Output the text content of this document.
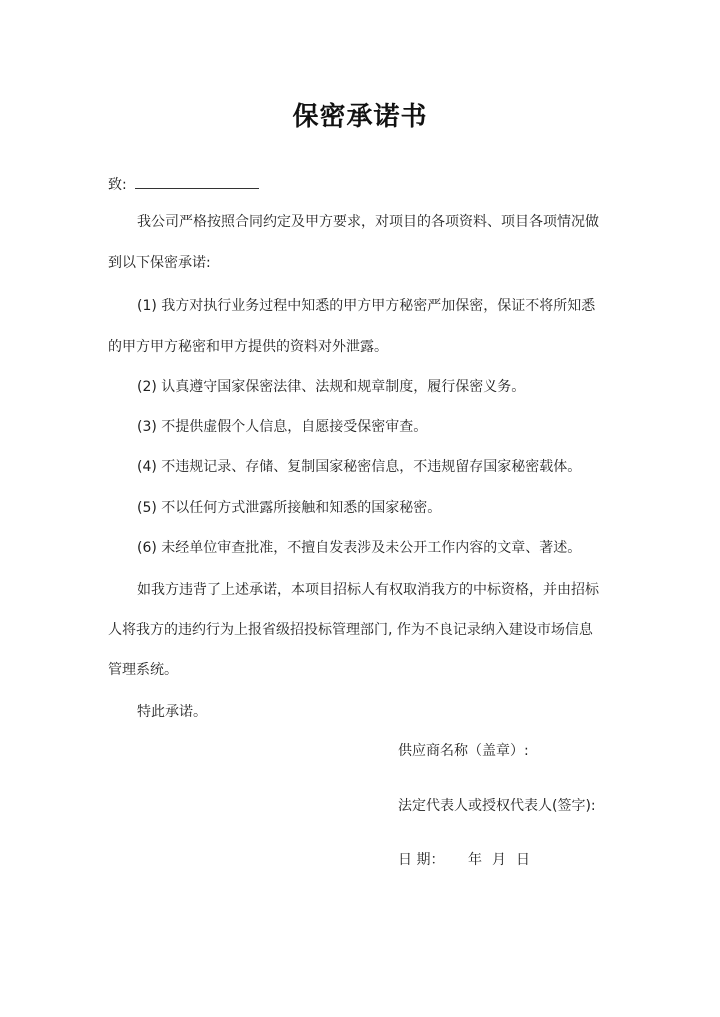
保密承诺书
致:
我公司严格按照合同约定及甲方要求，对项目的各项资料、项目各项情况做
到以下保密承诺:
(1) 我方对执行业务过程中知悉的甲方甲方秘密严加保密，保证不将所知悉
的甲方甲方秘密和甲方提供的资料对外泄露。
(2) 认真遵守国家保密法律、法规和规章制度，履行保密义务。
(3) 不提供虚假个人信息，自愿接受保密审查。
(4) 不违规记录、存储、复制国家秘密信息，不违规留存国家秘密载体。
(5) 不以任何方式泄露所接触和知悉的国家秘密。
(6) 未经单位审查批准，不擅自发表涉及未公开工作内容的文章、著述。
如我方违背了上述承诺，本项目招标人有权取消我方的中标资格，并由招标
人将我方的违约行为上报省级招投标管理部门, 作为不良记录纳入建设市场信息
管理系统。
特此承诺。
供应商名称（盖章）:
法定代表人或授权代表人(签字):
日 期： 年 月 日
